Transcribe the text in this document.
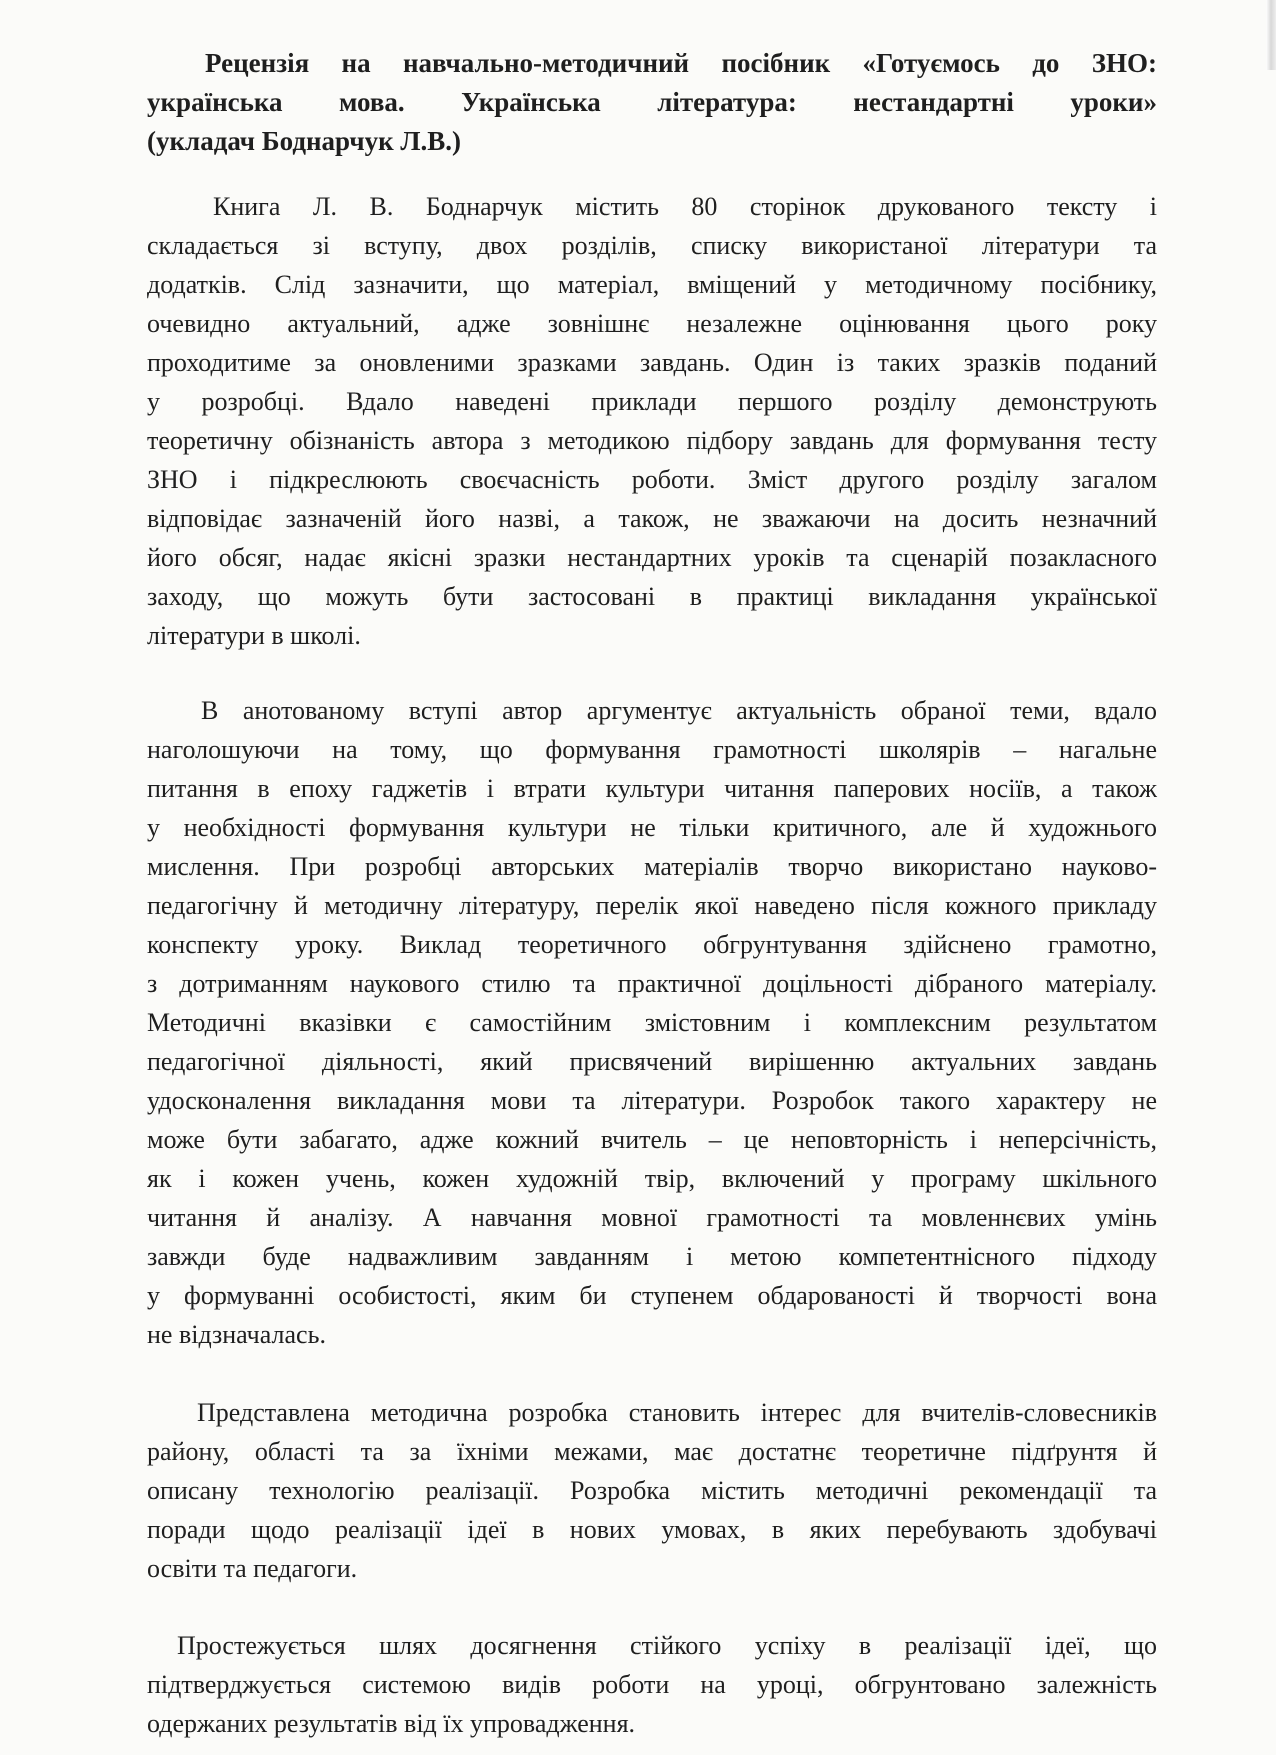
Рецензія на навчально-методичний посібник «Готуємось до ЗНО:
українська мова. Українська література: нестандартні уроки»
(укладач Боднарчук Л.В.)

Книга Л. В. Боднарчук містить 80 сторінок друкованого тексту і
складається зі вступу, двох розділів, списку використаної літератури та
додатків. Слід зазначити, що матеріал, вміщений у методичному посібнику,
очевидно актуальний, адже зовнішнє незалежне оцінювання цього року
проходитиме за оновленими зразками завдань. Один із таких зразків поданий
у розробці. Вдало наведені приклади першого розділу демонструють
теоретичну обізнаність автора з методикою підбору завдань для формування тесту
ЗНО і підкреслюють своєчасність роботи. Зміст другого розділу загалом
відповідає зазначеній його назві, а також, не зважаючи на досить незначний
його обсяг, надає якісні зразки нестандартних уроків та сценарій позакласного
заходу, що можуть бути застосовані в практиці викладання української
літератури в школі.

В анотованому вступі автор аргументує актуальність обраної теми, вдало
наголошуючи на тому, що формування грамотності школярів – нагальне
питання в епоху гаджетів і втрати культури читання паперових носіїв, а також
у необхідності формування культури не тільки критичного, але й художнього
мислення. При розробці авторських матеріалів творчо використано науково-
педагогічну й методичну літературу, перелік якої наведено після кожного прикладу
конспекту уроку. Виклад теоретичного обгрунтування здійснено грамотно,
з дотриманням наукового стилю та практичної доцільності дібраного матеріалу.
Методичні вказівки є самостійним змістовним і комплексним результатом
педагогічної діяльності, який присвячений вирішенню актуальних завдань
удосконалення викладання мови та літератури. Розробок такого характеру не
може бути забагато, адже кожний вчитель – це неповторність і неперсічність,
як і кожен учень, кожен художній твір, включений у програму шкільного
читання й аналізу. А навчання мовної грамотності та мовленнєвих умінь
завжди буде надважливим завданням і метою компетентнісного підходу
у формуванні особистості, яким би ступенем обдарованості й творчості вона
не відзначалась.

Представлена методична розробка становить інтерес для вчителів-словесників
району, області та за їхніми межами, має достатнє теоретичне підґрунтя й
описану технологію реалізації. Розробка містить методичні рекомендації та
поради щодо реалізації ідеї в нових умовах, в яких перебувають здобувачі
освіти та педагоги.

Простежується шлях досягнення стійкого успіху в реалізації ідеї, що
підтверджується системою видів роботи на уроці, обгрунтовано залежність
одержаних результатів від їх упровадження.
